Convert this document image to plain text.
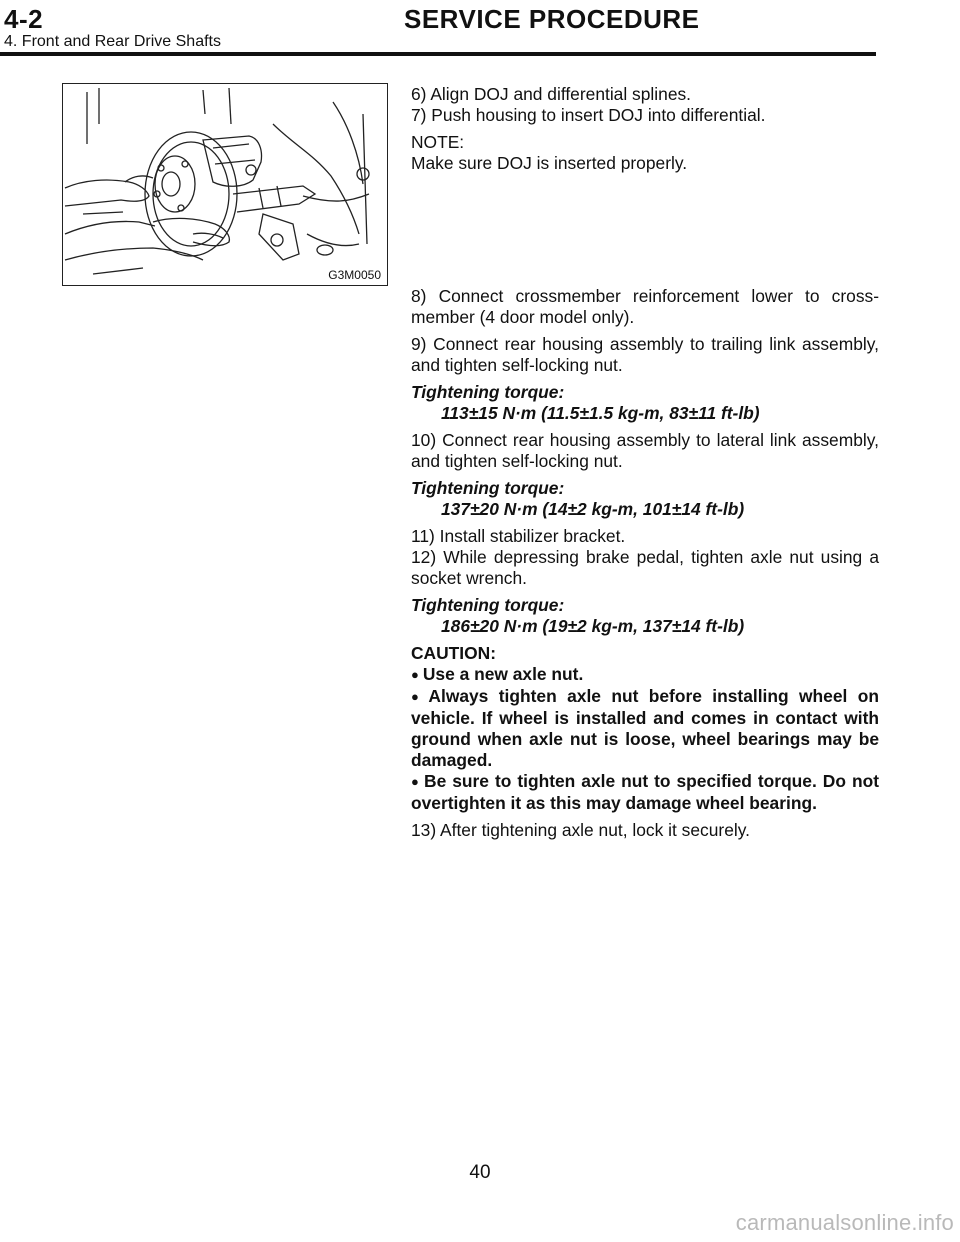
4-2	SERVICE PROCEDURE
4. Front and Rear Drive Shafts
G3M0050

6) Align DOJ and differential splines.

7) Push housing to insert DOJ into differential.

NOTE:

Make sure DOJ is inserted properly.

8) Connect crossmember reinforcement lower to cross-member (4 door model only).

9) Connect rear housing assembly to trailing link assembly, and tighten self-locking nut.

Tightening torque:

113±15 N·m (11.5±1.5 kg-m, 83±11 ft-lb)

10) Connect rear housing assembly to lateral link assembly, and tighten self-locking nut.

Tightening torque:

137±20 N·m (14±2 kg-m, 101±14 ft-lb)

11) Install stabilizer bracket.

12) While depressing brake pedal, tighten axle nut using a socket wrench.

Tightening torque:

186±20 N·m (19±2 kg-m, 137±14 ft-lb)

CAUTION:

● Use a new axle nut.

● Always tighten axle nut before installing wheel on vehicle. If wheel is installed and comes in contact with ground when axle nut is loose, wheel bearings may be damaged.

● Be sure to tighten axle nut to specified torque. Do not overtighten it as this may damage wheel bearing.

13) After tightening axle nut, lock it securely.

40
carmanualsonline.info
